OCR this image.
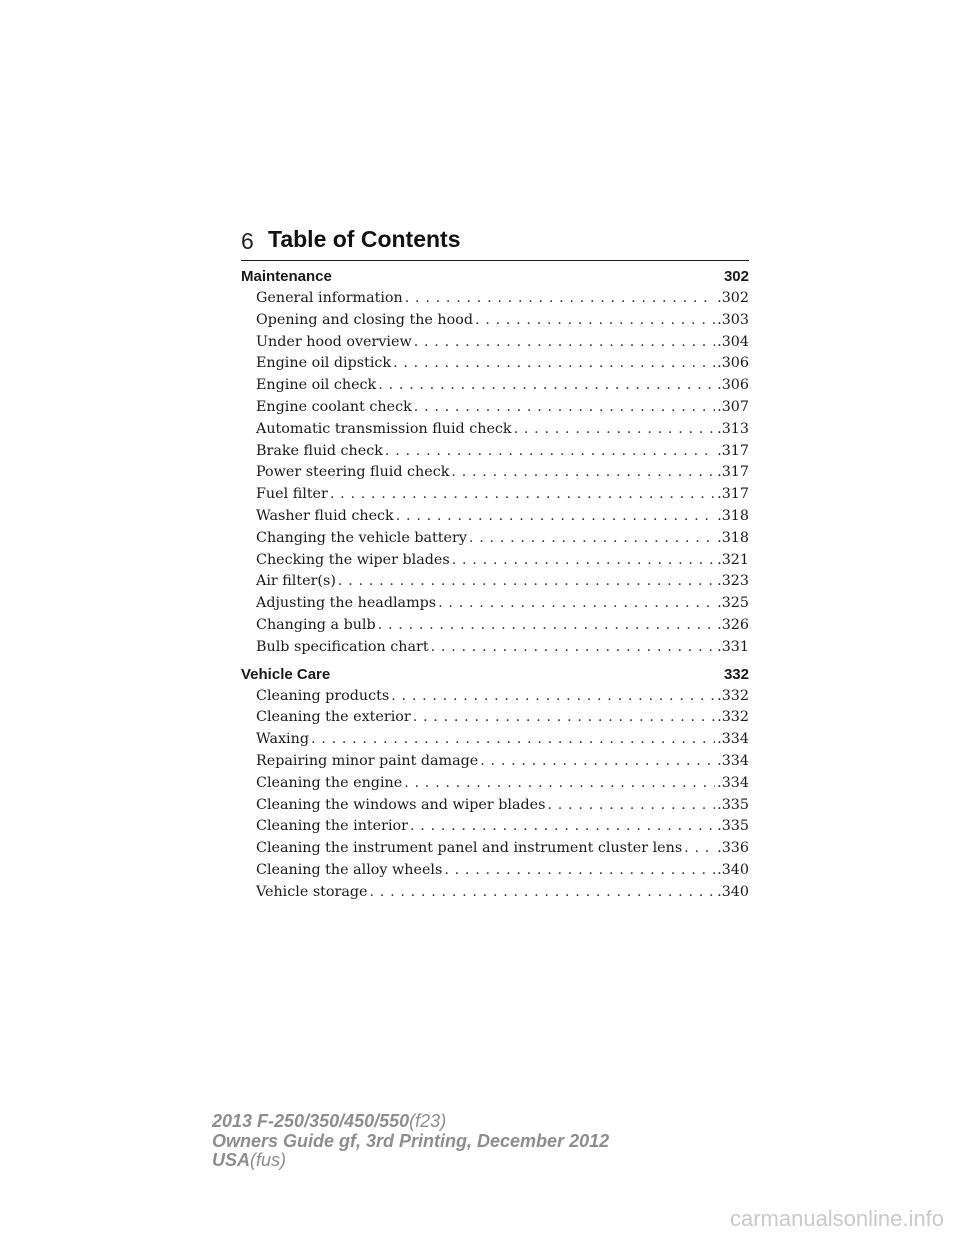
6 Table of Contents
Maintenance	302
General information . . .	.302
Opening and closing the hood . . .	.303
Under hood overview . . .	.304
Engine oil dipstick . . .	.306
Engine oil check . . .	.306
Engine coolant check . . .	.307
Automatic transmission fluid check . . .	.313
Brake fluid check . . .	.317
Power steering fluid check . . .	.317
Fuel filter . . .	.317
Washer fluid check . . .	.318
Changing the vehicle battery . . .	.318
Checking the wiper blades . . .	.321
Air filter(s) . . .	.323
Adjusting the headlamps . . .	.325
Changing a bulb . . .	.326
Bulb specification chart . . .	.331
Vehicle Care	332
Cleaning products . . .	.332
Cleaning the exterior . . .	.332
Waxing . . .	.334
Repairing minor paint damage . . .	.334
Cleaning the engine . . .	.334
Cleaning the windows and wiper blades . . .	.335
Cleaning the interior . . .	.335
Cleaning the instrument panel and instrument cluster lens . . . .336
Cleaning the alloy wheels . . .	.340
Vehicle storage . . .	.340
2013 F-250/350/450/550(f23)
Owners Guide gf, 3rd Printing, December 2012
USA(fus)
carmanualsonline.info
